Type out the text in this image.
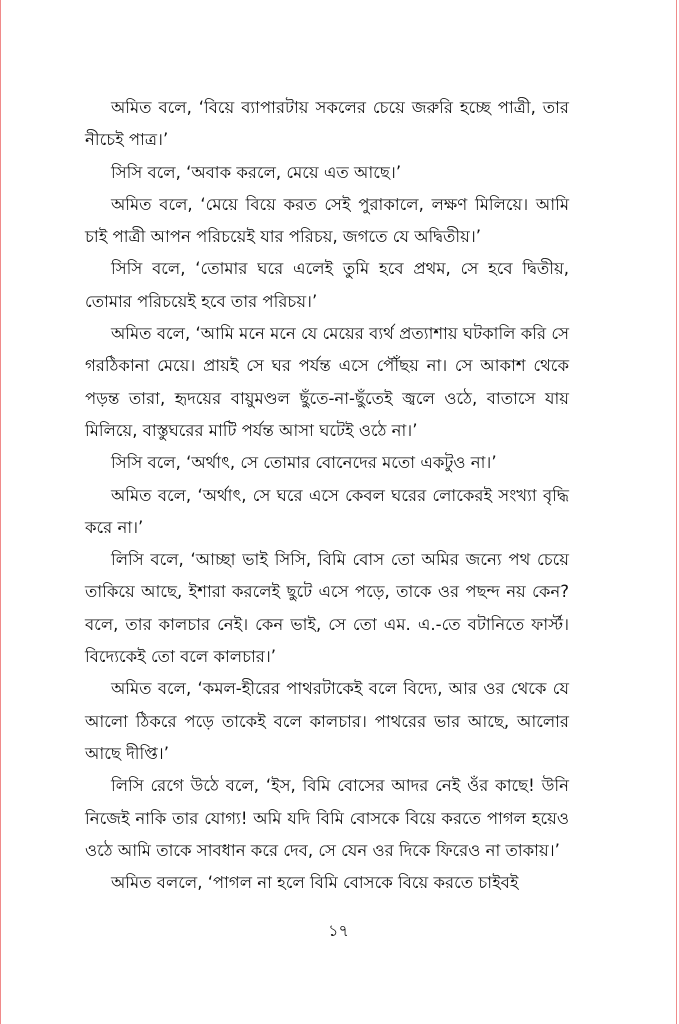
অমিত বলে, ‘বিয়ে ব্যাপারটায় সকলের চেয়ে জরুরি হচ্ছে পাত্রী, তার নীচেই পাত্র।’

সিসি বলে, ‘অবাক করলে, মেয়ে এত আছে।’

অমিত বলে, ‘মেয়ে বিয়ে করত সেই পুরাকালে, লক্ষণ মিলিয়ে। আমি চাই পাত্রী আপন পরিচয়েই যার পরিচয়, জগতে যে অদ্বিতীয়।’

সিসি বলে, ‘তোমার ঘরে এলেই তুমি হবে প্রথম, সে হবে দ্বিতীয়, তোমার পরিচয়েই হবে তার পরিচয়।’

অমিত বলে, ‘আমি মনে মনে যে মেয়ের ব্যর্থ প্রত্যাশায় ঘটকালি করি সে গরঠিকানা মেয়ে। প্রায়ই সে ঘর পর্যন্ত এসে পৌঁছয় না। সে আকাশ থেকে পড়ন্ত তারা, হৃদয়ের বায়ুমণ্ডল ছুঁতে-না-ছুঁতেই জ্বলে ওঠে, বাতাসে যায় মিলিয়ে, বাস্তুঘরের মাটি পর্যন্ত আসা ঘটেই ওঠে না।’

সিসি বলে, ‘অর্থাৎ, সে তোমার বোনেদের মতো একটুও না।’

অমিত বলে, ‘অর্থাৎ, সে ঘরে এসে কেবল ঘরের লোকেরই সংখ্যা বৃদ্ধি করে না।’

লিসি বলে, ‘আচ্ছা ভাই সিসি, বিমি বোস তো অমির জন্যে পথ চেয়ে তাকিয়ে আছে, ইশারা করলেই ছুটে এসে পড়ে, তাকে ওর পছন্দ নয় কেন? বলে, তার কালচার নেই। কেন ভাই, সে তো এম. এ.-তে বটানিতে ফার্স্ট। বিদ্যেকেই তো বলে কালচার।’

অমিত বলে, ‘কমল-হীরের পাথরটাকেই বলে বিদ্যে, আর ওর থেকে যে আলো ঠিকরে পড়ে তাকেই বলে কালচার। পাথরের ভার আছে, আলোর আছে দীপ্তি।’

লিসি রেগে উঠে বলে, ‘ইস, বিমি বোসের আদর নেই ওঁর কাছে! উনি নিজেই নাকি তার যোগ্য! অমি যদি বিমি বোসকে বিয়ে করতে পাগল হয়েও ওঠে আমি তাকে সাবধান করে দেব, সে যেন ওর দিকে ফিরেও না তাকায়।’

অমিত বললে, ‘পাগল না হলে বিমি বোসকে বিয়ে করতে চাইবই

১৭
